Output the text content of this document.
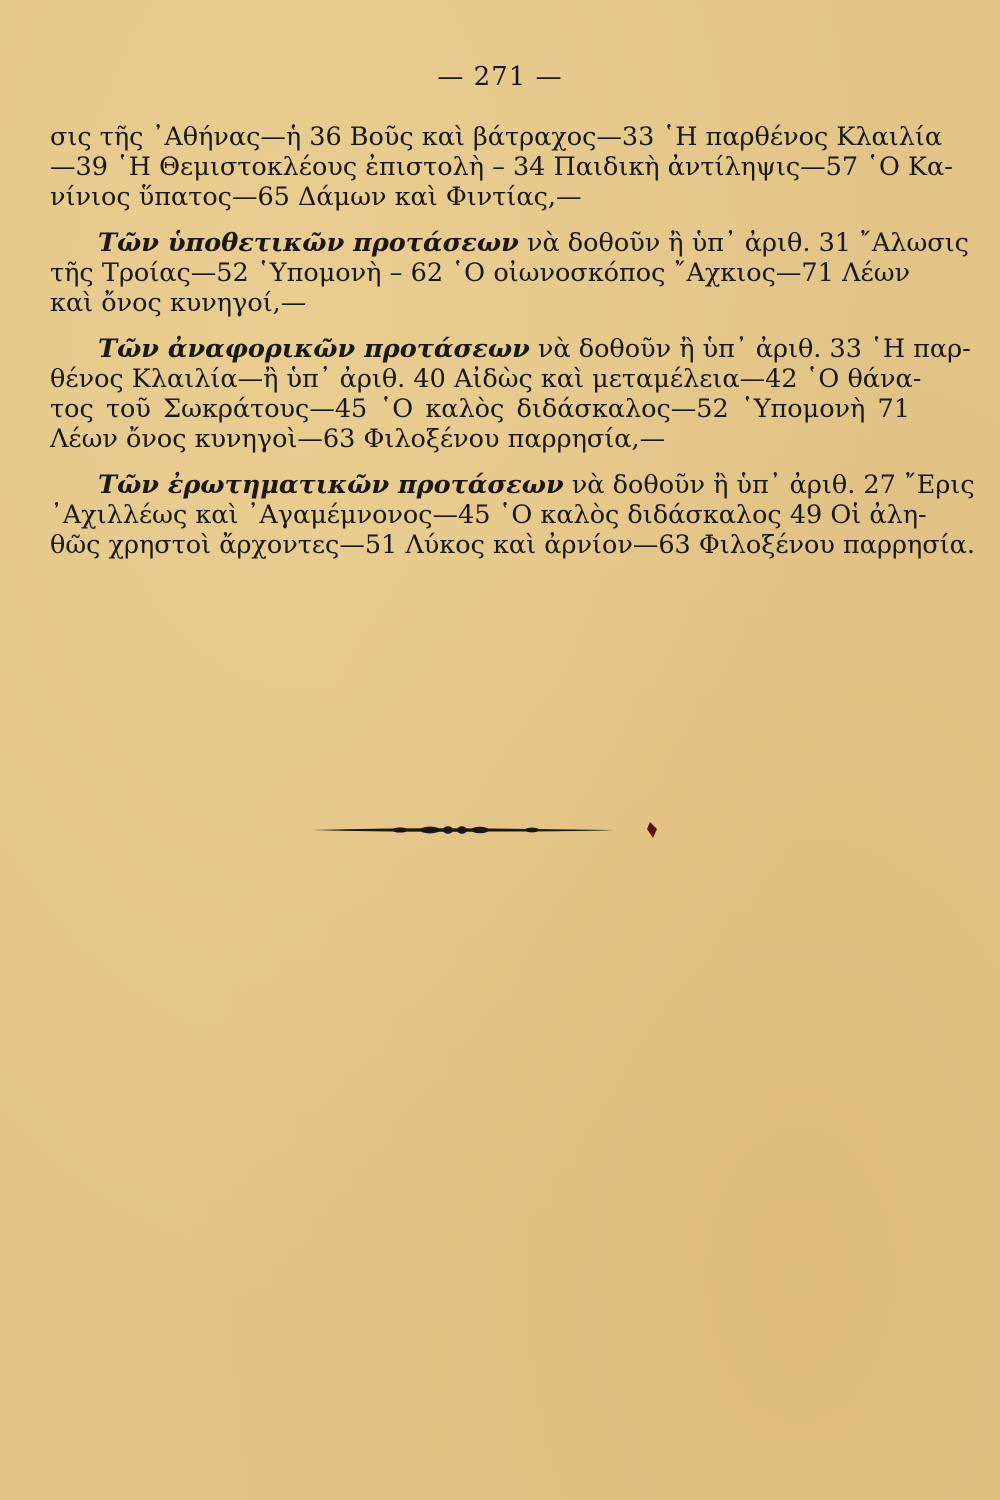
— 271 —
σις τῆς ᾿Αθήνας—ἡ 36 Βοῦς καὶ βάτραχος—33 ῾Η παρθένος Κλαιλία
—39 ῾Η Θεμιστοκλέους ἐπιστολὴ – 34 Παιδικὴ ἀντίληψις—57 ῾Ο Κα-
νίνιος ὕπατος—65 Δάμων καὶ Φιντίας,—
Τῶν ὑποθετικῶν προτάσεων νὰ δοθοῦν ἢ ὑπ᾿ ἀριθ. 31 ῎Αλωσις
τῆς Τροίας—52 ῾Υπομονὴ – 62 ῾Ο οἰωνοσκόπος ῎Αχκιος—71 Λέων
καὶ ὄνος κυνηγοί,—
Τῶν ἀναφορικῶν προτάσεων νὰ δοθοῦν ἢ ὑπ᾿ ἀριθ. 33 ῾Η παρ-
θένος Κλαιλία—ἢ ὑπ᾿ ἀριθ. 40 Αἰδὼς καὶ μεταμέλεια—42 ῾Ο θάνα-
τος τοῦ Σωκράτους—45 ῾Ο καλὸς διδάσκαλος—52 ῾Υπομονὴ 71
Λέων ὄνος κυνηγοὶ—63 Φιλοξένου παρρησία,—
Τῶν ἐρωτηματικῶν προτάσεων νὰ δοθοῦν ἢ ὑπ᾿ ἀριθ. 27 ῎Ερις
᾿Αχιλλέως καὶ ᾿Αγαμέμνονος—45 ῾Ο καλὸς διδάσκαλος 49 Οἱ ἀλη-
θῶς χρηστοὶ ἄρχοντες—51 Λύκος καὶ ἀρνίον—63 Φιλοξένου παρρησία.
